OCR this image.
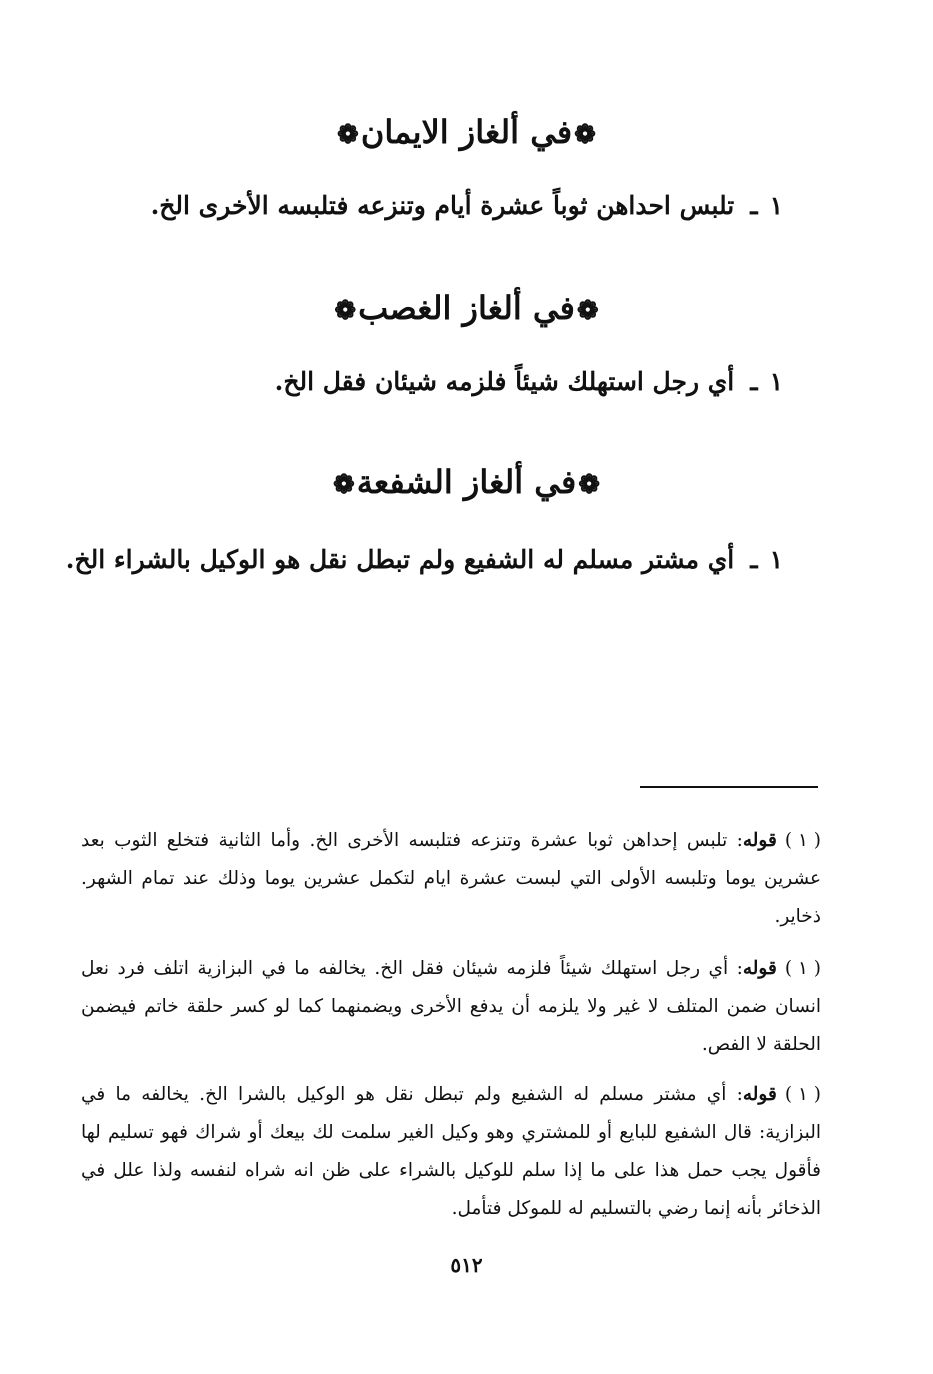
❁في ألغاز الايمان❁
١ـتلبس احداهن ثوباً عشرة أيام وتنزعه فتلبسه الأخرى الخ.
❁في ألغاز الغصب❁
١ـأي رجل استهلك شيئاً فلزمه شيئان فقل الخ.
❁في ألغاز الشفعة❁
١ـأي مشتر مسلم له الشفيع ولم تبطل نقل هو الوكيل بالشراء الخ.
( ١ )قوله: تلبس إحداهن ثوبا عشرة وتنزعه فتلبسه الأخرى الخ. وأما الثانية فتخلع الثوب بعد عشرين يوما وتلبسه الأولى التي لبست عشرة ايام لتكمل عشرين يوما وذلك عند تمام الشهر. ذخاير.
( ١ )قوله: أي رجل استهلك شيئاً فلزمه شيئان فقل الخ. يخالفه ما في البزازية اتلف فرد نعل انسان ضمن المتلف لا غير ولا يلزمه أن يدفع الأخرى ويضمنهما كما لو كسر حلقة خاتم فيضمن الحلقة لا الفص.
( ١ )قوله: أي مشتر مسلم له الشفيع ولم تبطل نقل هو الوكيل بالشرا الخ. يخالفه ما في البزازية: قال الشفيع للبايع أو للمشتري وهو وكيل الغير سلمت لك بيعك أو شراك فهو تسليم لها فأقول يجب حمل هذا على ما إذا سلم للوكيل بالشراء على ظن انه شراه لنفسه ولذا علل في الذخائر بأنه إنما رضي بالتسليم له للموكل فتأمل.
٥١٢
